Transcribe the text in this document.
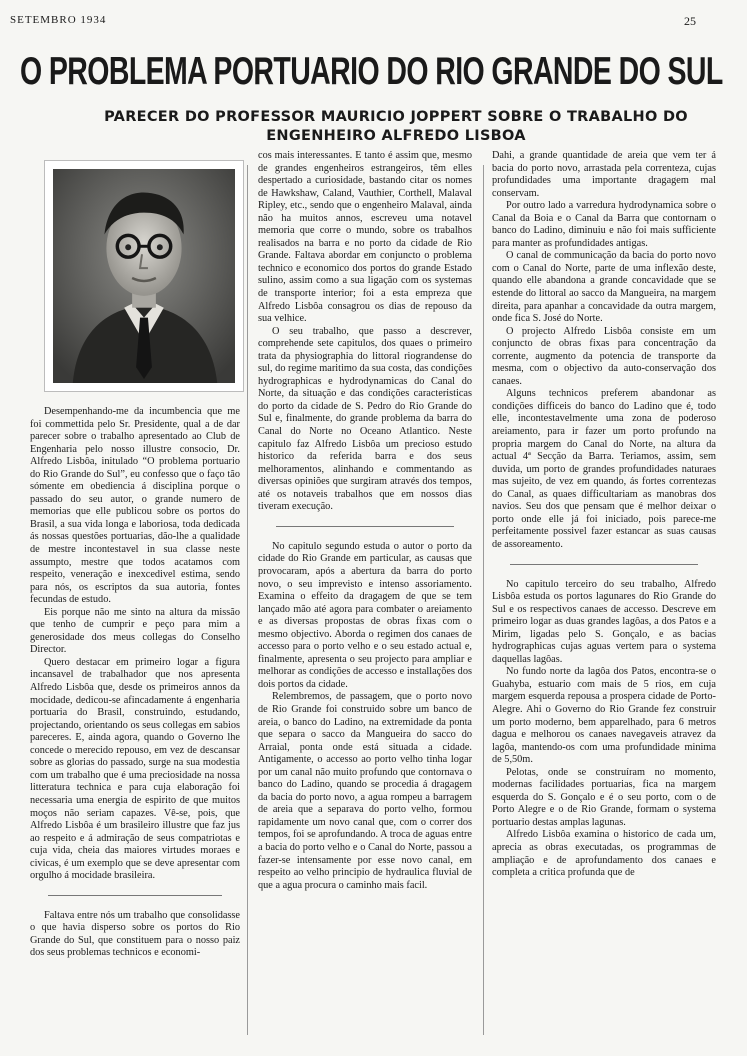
SETEMBRO 1934	25
O PROBLEMA PORTUARIO DO RIO GRANDE DO SUL
PARECER DO PROFESSOR MAURICIO JOPPERT SOBRE O TRABALHO DO ENGENHEIRO ALFREDO LISBOA

Desempenhando-me da incumbencia que me foi commettida pelo Sr. Presidente, qual a de dar parecer sobre o trabalho apresentado ao Club de Engenharia pelo nosso illustre consocio, Dr. Alfredo Lisbôa, initulado “O problema portuario do Rio Grande do Sul”, eu confesso que o faço tão sómente em obediencia á disciplina porque o passado do seu autor, o grande numero de memorias que elle publicou sobre os portos do Brasil, a sua vida longa e laboriosa, toda dedicada ás nossas questões portuarias, dão-lhe a qualidade de mestre incontestavel in sua classe neste assumpto, mestre que todos acatamos com respeito, veneração e inexcedivel estima, sendo para nós, os escriptos da sua autoria, fontes fecundas de estudo.

Eis porque não me sinto na altura da missão que tenho de cumprir e peço para mim a generosidade dos meus collegas do Conselho Director.

Quero destacar em primeiro logar a figura incansavel de trabalhador que nos apresenta Alfredo Lisbôa que, desde os primeiros annos da mocidade, dedicou-se afincadamente á engenharia portuaria do Brasil, construindo, estudando, projectando, orientando os seus collegas em sabios pareceres. E, ainda agora, quando o Governo lhe concede o merecido repouso, em vez de descansar sobre as glorias do passado, surge na sua modestia com um trabalho que é uma preciosidade na nossa litteratura technica e para cuja elaboração foi necessaria uma energia de espirito de que muitos moços não seriam capazes. Vê-se, pois, que Alfredo Lisbôa é um brasileiro illustre que faz jus ao respeito e á admiração de seus compatriotas e cuja vida, cheia das maiores virtudes moraes e civicas, é um exemplo que se deve apresentar com orgulho á mocidade brasileira.

Faltava entre nós um trabalho que consolidasse o que havia disperso sobre os portos do Rio Grande do Sul, que constituem para o nosso paiz dos seus problemas technicos e economi-

cos mais interessantes. E tanto é assim que, mesmo de grandes engenheiros estrangeiros, têm elles despertado a curiosidade, bastando citar os nomes de Hawkshaw, Caland, Vauthier, Corthell, Malaval Ripley, etc., sendo que o engenheiro Malaval, ainda não ha muitos annos, escreveu uma notavel memoria que corre o mundo, sobre os trabalhos realisados na barra e no porto da cidade de Rio Grande. Faltava abordar em conjuncto o problema technico e economico dos portos do grande Estado sulino, assim como a sua ligação com os systemas de transporte interior; foi a esta empreza que Alfredo Lisbôa consagrou os dias de repouso da sua velhice.

O seu trabalho, que passo a descrever, comprehende sete capitulos, dos quaes o primeiro trata da physiographia do littoral riograndense do sul, do regime maritimo da sua costa, das condições hydrographicas e hydrodynamicas do Canal do Norte, da situação e das condições caracteristicas do porto da cidade de S. Pedro do Rio Grande do Sul e, finalmente, do grande problema da barra do Canal do Norte no Oceano Atlantico. Neste capitulo faz Alfredo Lisbôa um precioso estudo historico da referida barra e dos seus melhoramentos, alinhando e commentando as diversas opiniões que surgiram através dos tempos, até os notaveis trabalhos que em nossos dias tiveram execução.

No capitulo segundo estuda o autor o porto da cidade do Rio Grande em particular, as causas que provocaram, após a abertura da barra do porto novo, o seu imprevisto e intenso assoriamento. Examina o effeito da dragagem de que se tem lançado mão até agora para combater o areiamento e as diversas propostas de obras fixas com o mesmo objectivo. Aborda o regimen dos canaes de accesso para o porto velho e o seu estado actual e, finalmente, apresenta o seu projecto para ampliar e melhorar as condições de accesso e installações dos dois portos da cidade.

Relembremos, de passagem, que o porto novo de Rio Grande foi construido sobre um banco de areia, o banco do Ladino, na extremidade da ponta que separa o sacco da Mangueira do sacco do Arraial, ponta onde está situada a cidade. Antigamente, o accesso ao porto velho tinha logar por um canal não muito profundo que contornava o banco do Ladino, quando se procedia á dragagem da bacia do porto novo, a agua rompeu a barragem de areia que a separava do porto velho, formou rapidamente um novo canal que, com o correr dos tempos, foi se aprofundando. A troca de aguas entre a bacia do porto velho e o Canal do Norte, passou a fazer-se intensamente por esse novo canal, em respeito ao velho principio de hydraulica fluvial de que a agua procura o caminho mais facil.

Dahi, a grande quantidade de areia que vem ter á bacia do porto novo, arrastada pela correnteza, cujas profundidades uma importante dragagem mal conservam.

Por outro lado a varredura hydrodynamica sobre o Canal da Boia e o Canal da Barra que contornam o banco do Ladino, diminuiu e não foi mais sufficiente para manter as profundidades antigas.

O canal de communicação da bacia do porto novo com o Canal do Norte, parte de uma inflexão deste, quando elle abandona a grande concavidade que se estende do littoral ao sacco da Mangueira, na margem direita, para apanhar a concavidade da outra margem, onde fica S. José do Norte.

O projecto Alfredo Lisbôa consiste em um conjuncto de obras fixas para concentração da corrente, augmento da potencia de transporte da mesma, com o objectivo da auto-conservação dos canaes.

Alguns technicos preferem abandonar as condições difficeis do banco do Ladino que é, todo elle, incontestavelmente uma zona de poderoso areiamento, para ir fazer um porto profundo na propria margem do Canal do Norte, na altura da actual 4ª Secção da Barra. Teriamos, assim, sem duvida, um porto de grandes profundidades naturaes mas sujeito, de vez em quando, ás fortes correntezas do Canal, as quaes difficultariam as manobras dos navios. Seu dos que pensam que é melhor deixar o porto onde elle já foi iniciado, pois parece-me perfeitamente possivel fazer estancar as suas causas de assoreamento.

No capitulo terceiro do seu trabalho, Alfredo Lisbôa estuda os portos lagunares do Rio Grande do Sul e os respectivos canaes de accesso. Descreve em primeiro logar as duas grandes lagôas, a dos Patos e a Mirim, ligadas pelo S. Gonçalo, e as bacias hydrographicas cujas aguas vertem para o systema daquellas lagôas.

No fundo norte da lagôa dos Patos, encontra-se o Guahyba, estuario com mais de 5 rios, em cuja margem esquerda repousa a prospera cidade de Porto-Alegre. Ahi o Governo do Rio Grande fez construir um porto moderno, bem apparelhado, para 6 metros dagua e melhorou os canaes navegaveis atravez da lagôa, mantendo-os com uma profundidade minima de 5,50m.

Pelotas, onde se construíram no momento, modernas facilidades portuarias, fica na margem esquerda do S. Gonçalo e é o seu porto, com o de Porto Alegre e o de Rio Grande, formam o systema portuario destas amplas lagunas.

Alfredo Lisbôa examina o historico de cada um, aprecia as obras executadas, os programmas de ampliação e de aprofundamento dos canaes e completa a critica profunda que de
